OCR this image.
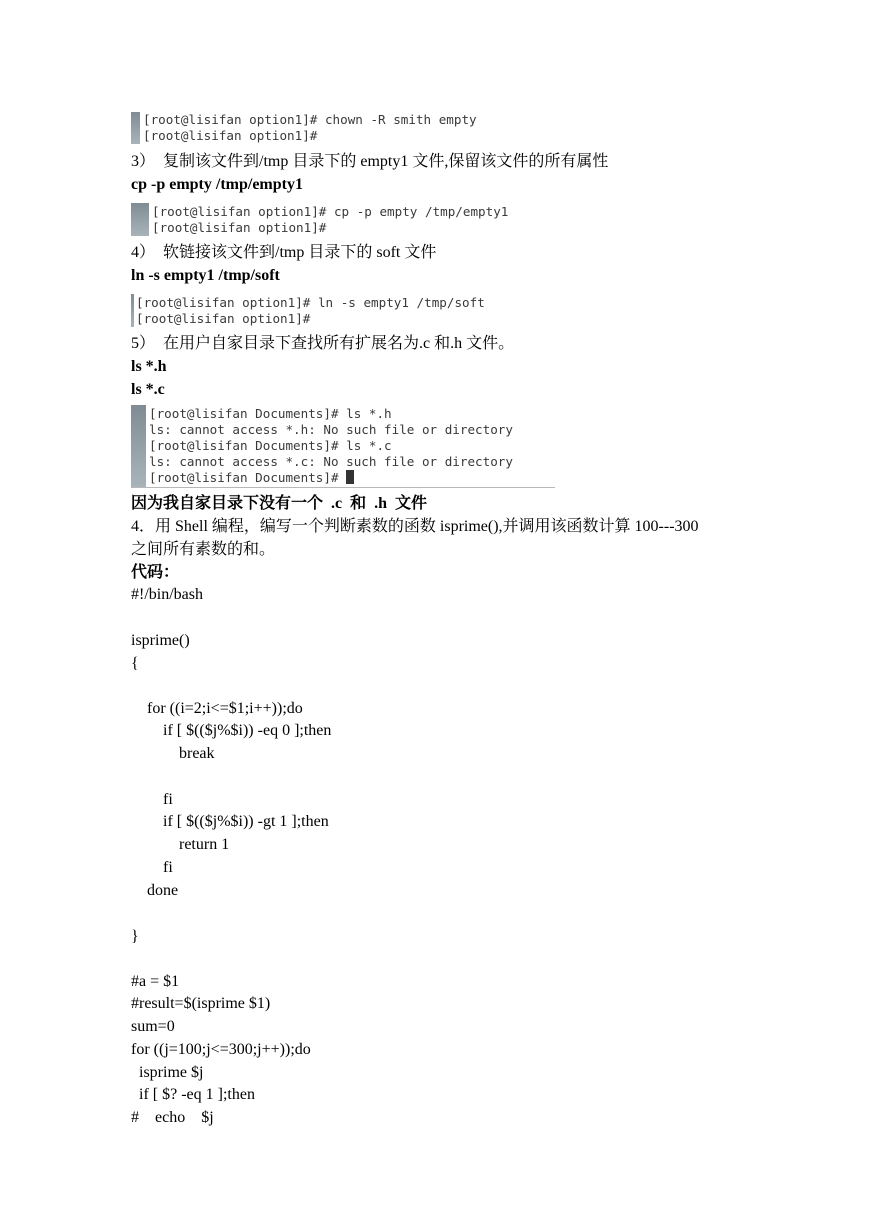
[root@lisifan option1]# chown -R smith empty
[root@lisifan option1]#
3）  复制该文件到/tmp 目录下的 empty1 文件,保留该文件的所有属性
cp -p empty /tmp/empty1
[root@lisifan option1]# cp -p empty /tmp/empty1
[root@lisifan option1]#
4）  软链接该文件到/tmp 目录下的 soft 文件
ln -s empty1 /tmp/soft
[root@lisifan option1]# ln -s empty1 /tmp/soft
[root@lisifan option1]#
5）  在用户自家目录下查找所有扩展名为.c 和.h 文件。
ls *.h
ls *.c
[root@lisifan Documents]# ls *.h
ls: cannot access *.h: No such file or directory
[root@lisifan Documents]# ls *.c
ls: cannot access *.c: No such file or directory
[root@lisifan Documents]#
因为我自家目录下没有一个  .c  和  .h  文件
4．用 Shell 编程，编写一个判断素数的函数 isprime(),并调用该函数计算 100---300
之间所有素数的和。
代码：
#!/bin/bash
isprime()
{
for ((i=2;i<=$1;i++));do
if [ $(($j%$i)) -eq 0 ];then
break
fi
if [ $(($j%$i)) -gt 1 ];then
return 1
fi
done
}
#a = $1
#result=$(isprime $1)
sum=0
for ((j=100;j<=300;j++));do
isprime $j
if [ $? -eq 1 ];then
#    echo    $j
